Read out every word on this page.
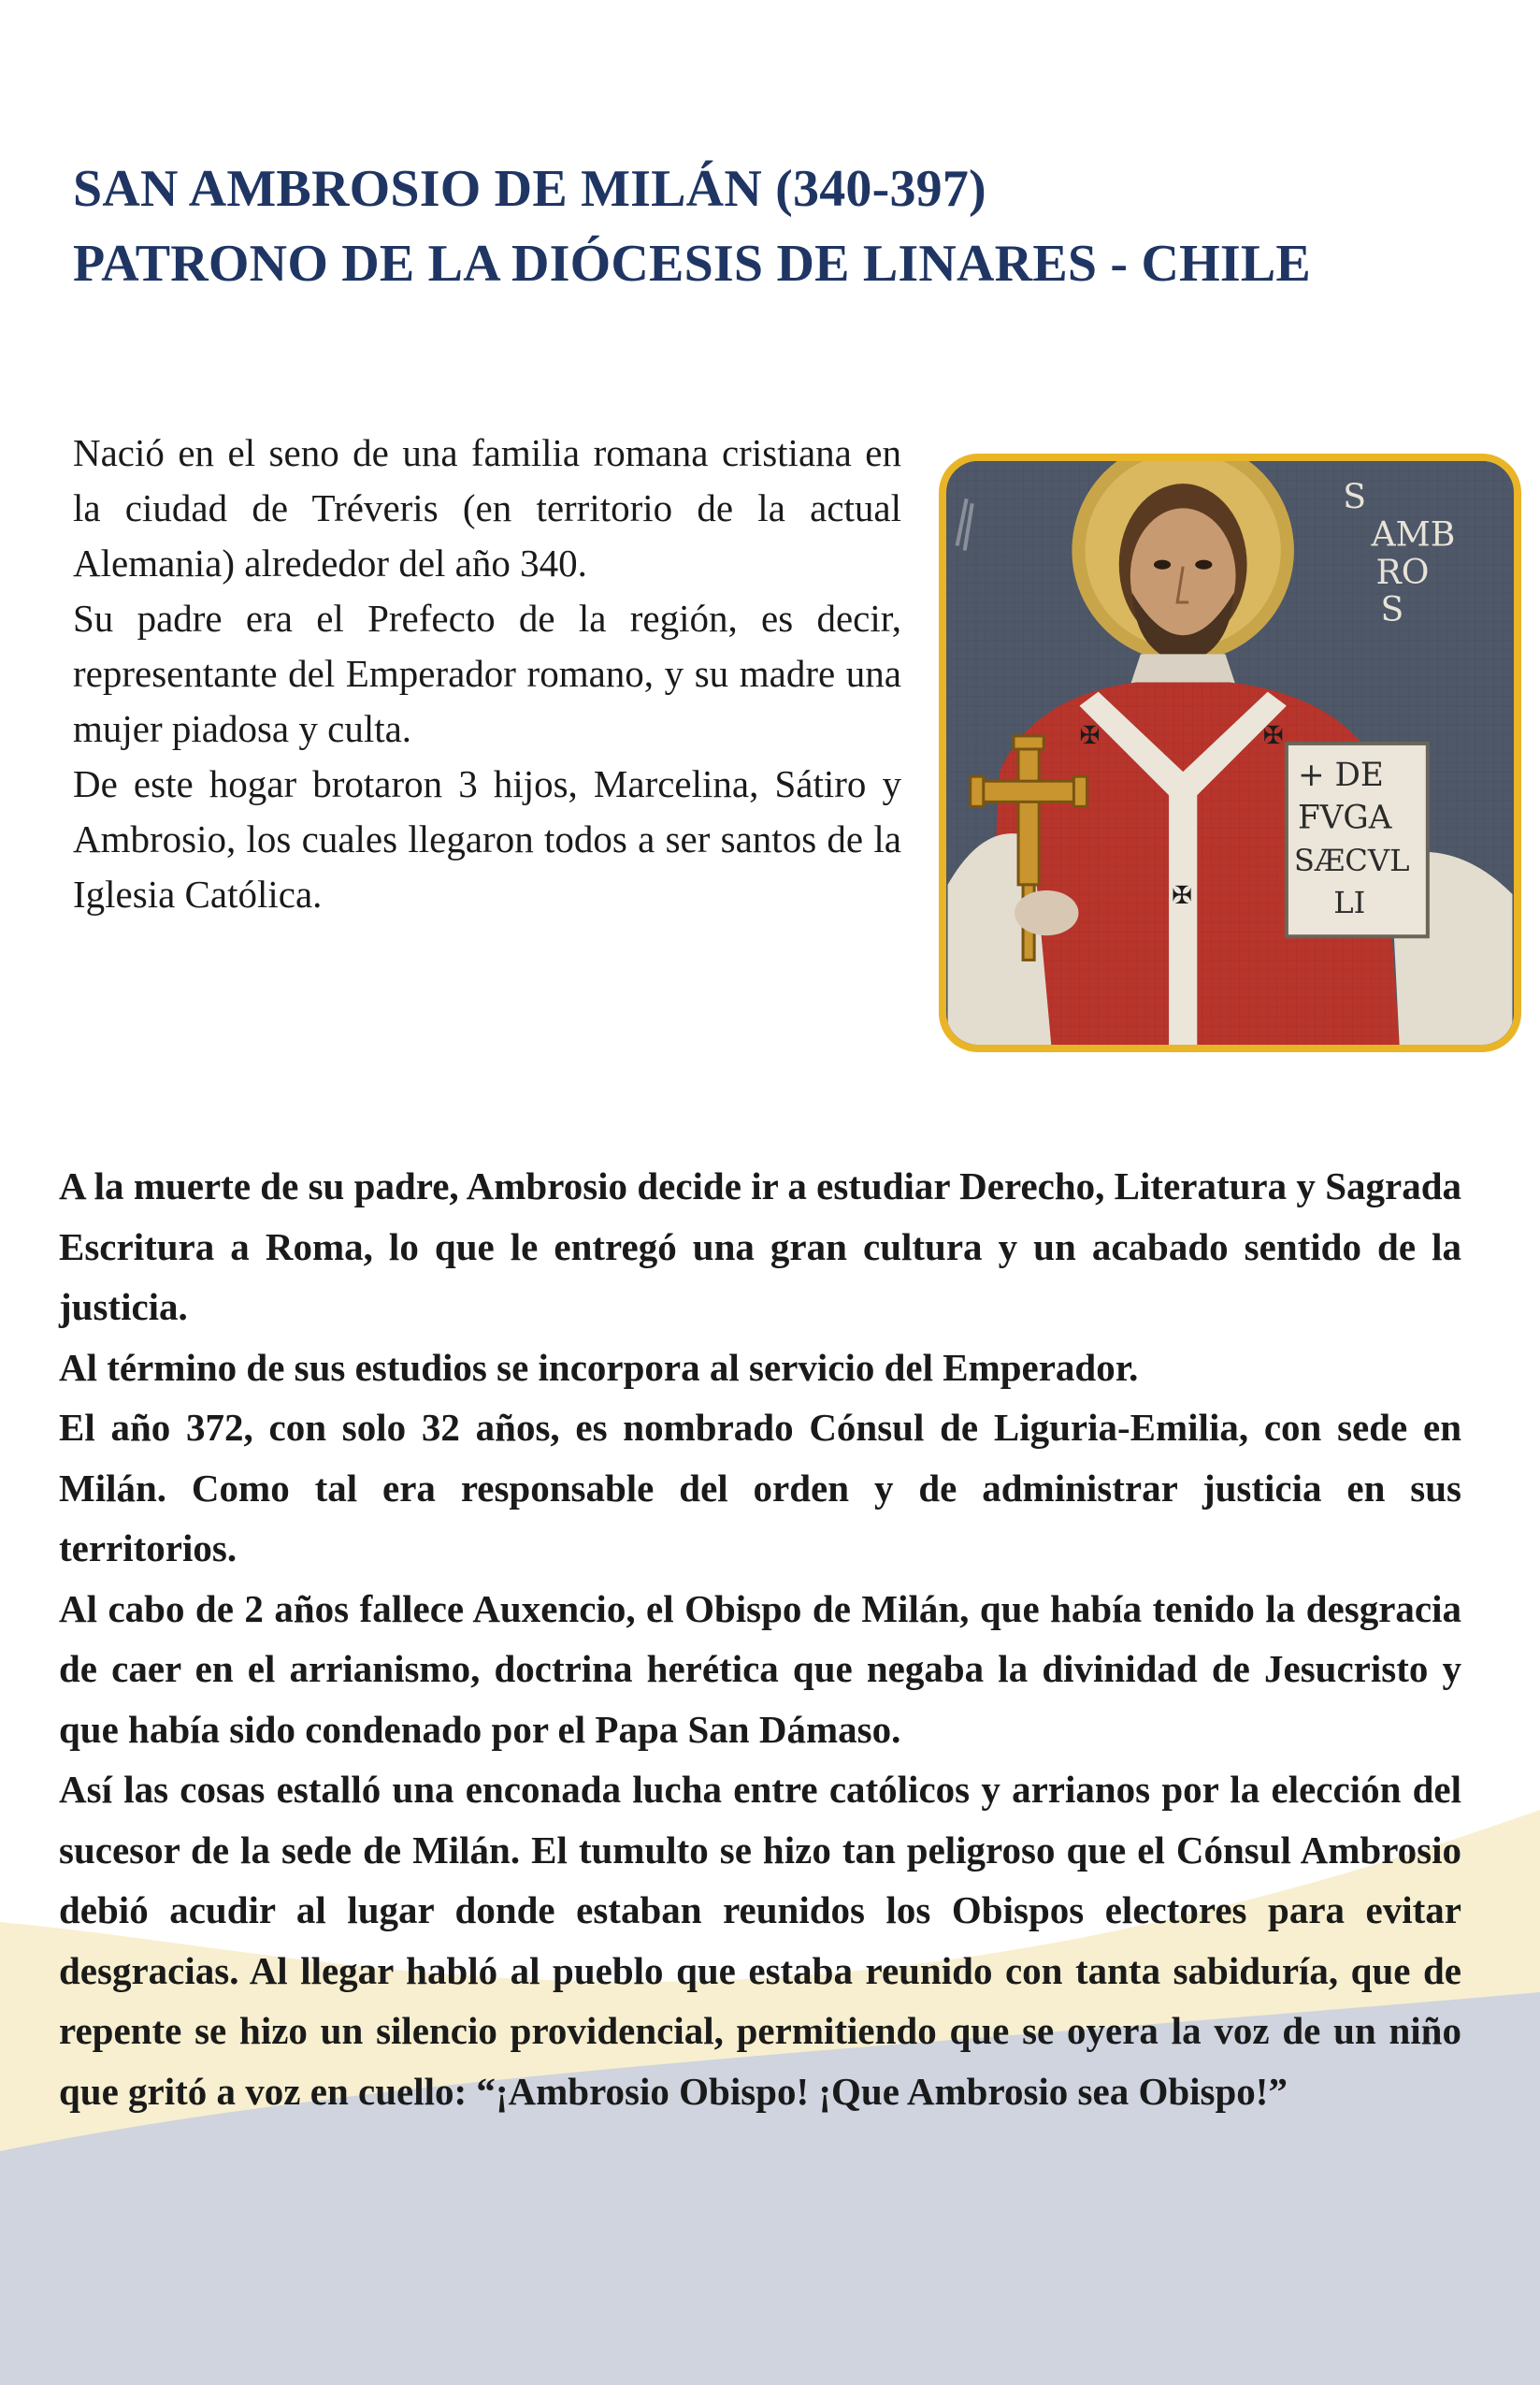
SAN AMBROSIO DE MILÁN (340-397)
PATRONO DE LA DIÓCESIS DE LINARES - CHILE

Nació en el seno de una familia romana cristiana en la ciudad de Tréveris (en territorio de la actual Alemania) alrededor del año 340.

Su padre era el Prefecto de la región, es decir, representante del Emperador romano, y su madre una mujer piadosa y culta.

De este hogar brotaron 3 hijos, Marcelina, Sátiro y Ambrosio, los cuales llegaron todos a ser santos de la Iglesia Católica.

✠	✠
✠
+ DE
FVGA
SÆCVL
LI
S
AMB
RO
S

A la muerte de su padre, Ambrosio decide ir a estudiar Derecho, Literatura y Sagrada Escritura a Roma, lo que le entregó una gran cultura y un acabado sentido de la justicia.

Al término de sus estudios se incorpora al servicio del Emperador.

El año 372, con solo 32 años, es nombrado Cónsul de Liguria-Emilia, con sede en Milán. Como tal era responsable del orden y de administrar justicia en sus territorios.

Al cabo de 2 años fallece Auxencio, el Obispo de Milán, que había tenido la desgracia de caer en el arrianismo, doctrina herética que negaba la divinidad de Jesucristo y que había sido condenado por el Papa San Dámaso.

Así las cosas estalló una enconada lucha entre católicos y arrianos por la elección del sucesor de la sede de Milán. El tumulto se hizo tan peligroso que el Cónsul Ambrosio debió acudir al lugar donde estaban reunidos los Obispos electores para evitar desgracias. Al llegar habló al pueblo que estaba reunido con tanta sabiduría, que de repente se hizo un silencio providencial, permitiendo que se oyera la voz de un niño que gritó a voz en cuello: “¡Ambrosio Obispo! ¡Que Ambrosio sea Obispo!”
